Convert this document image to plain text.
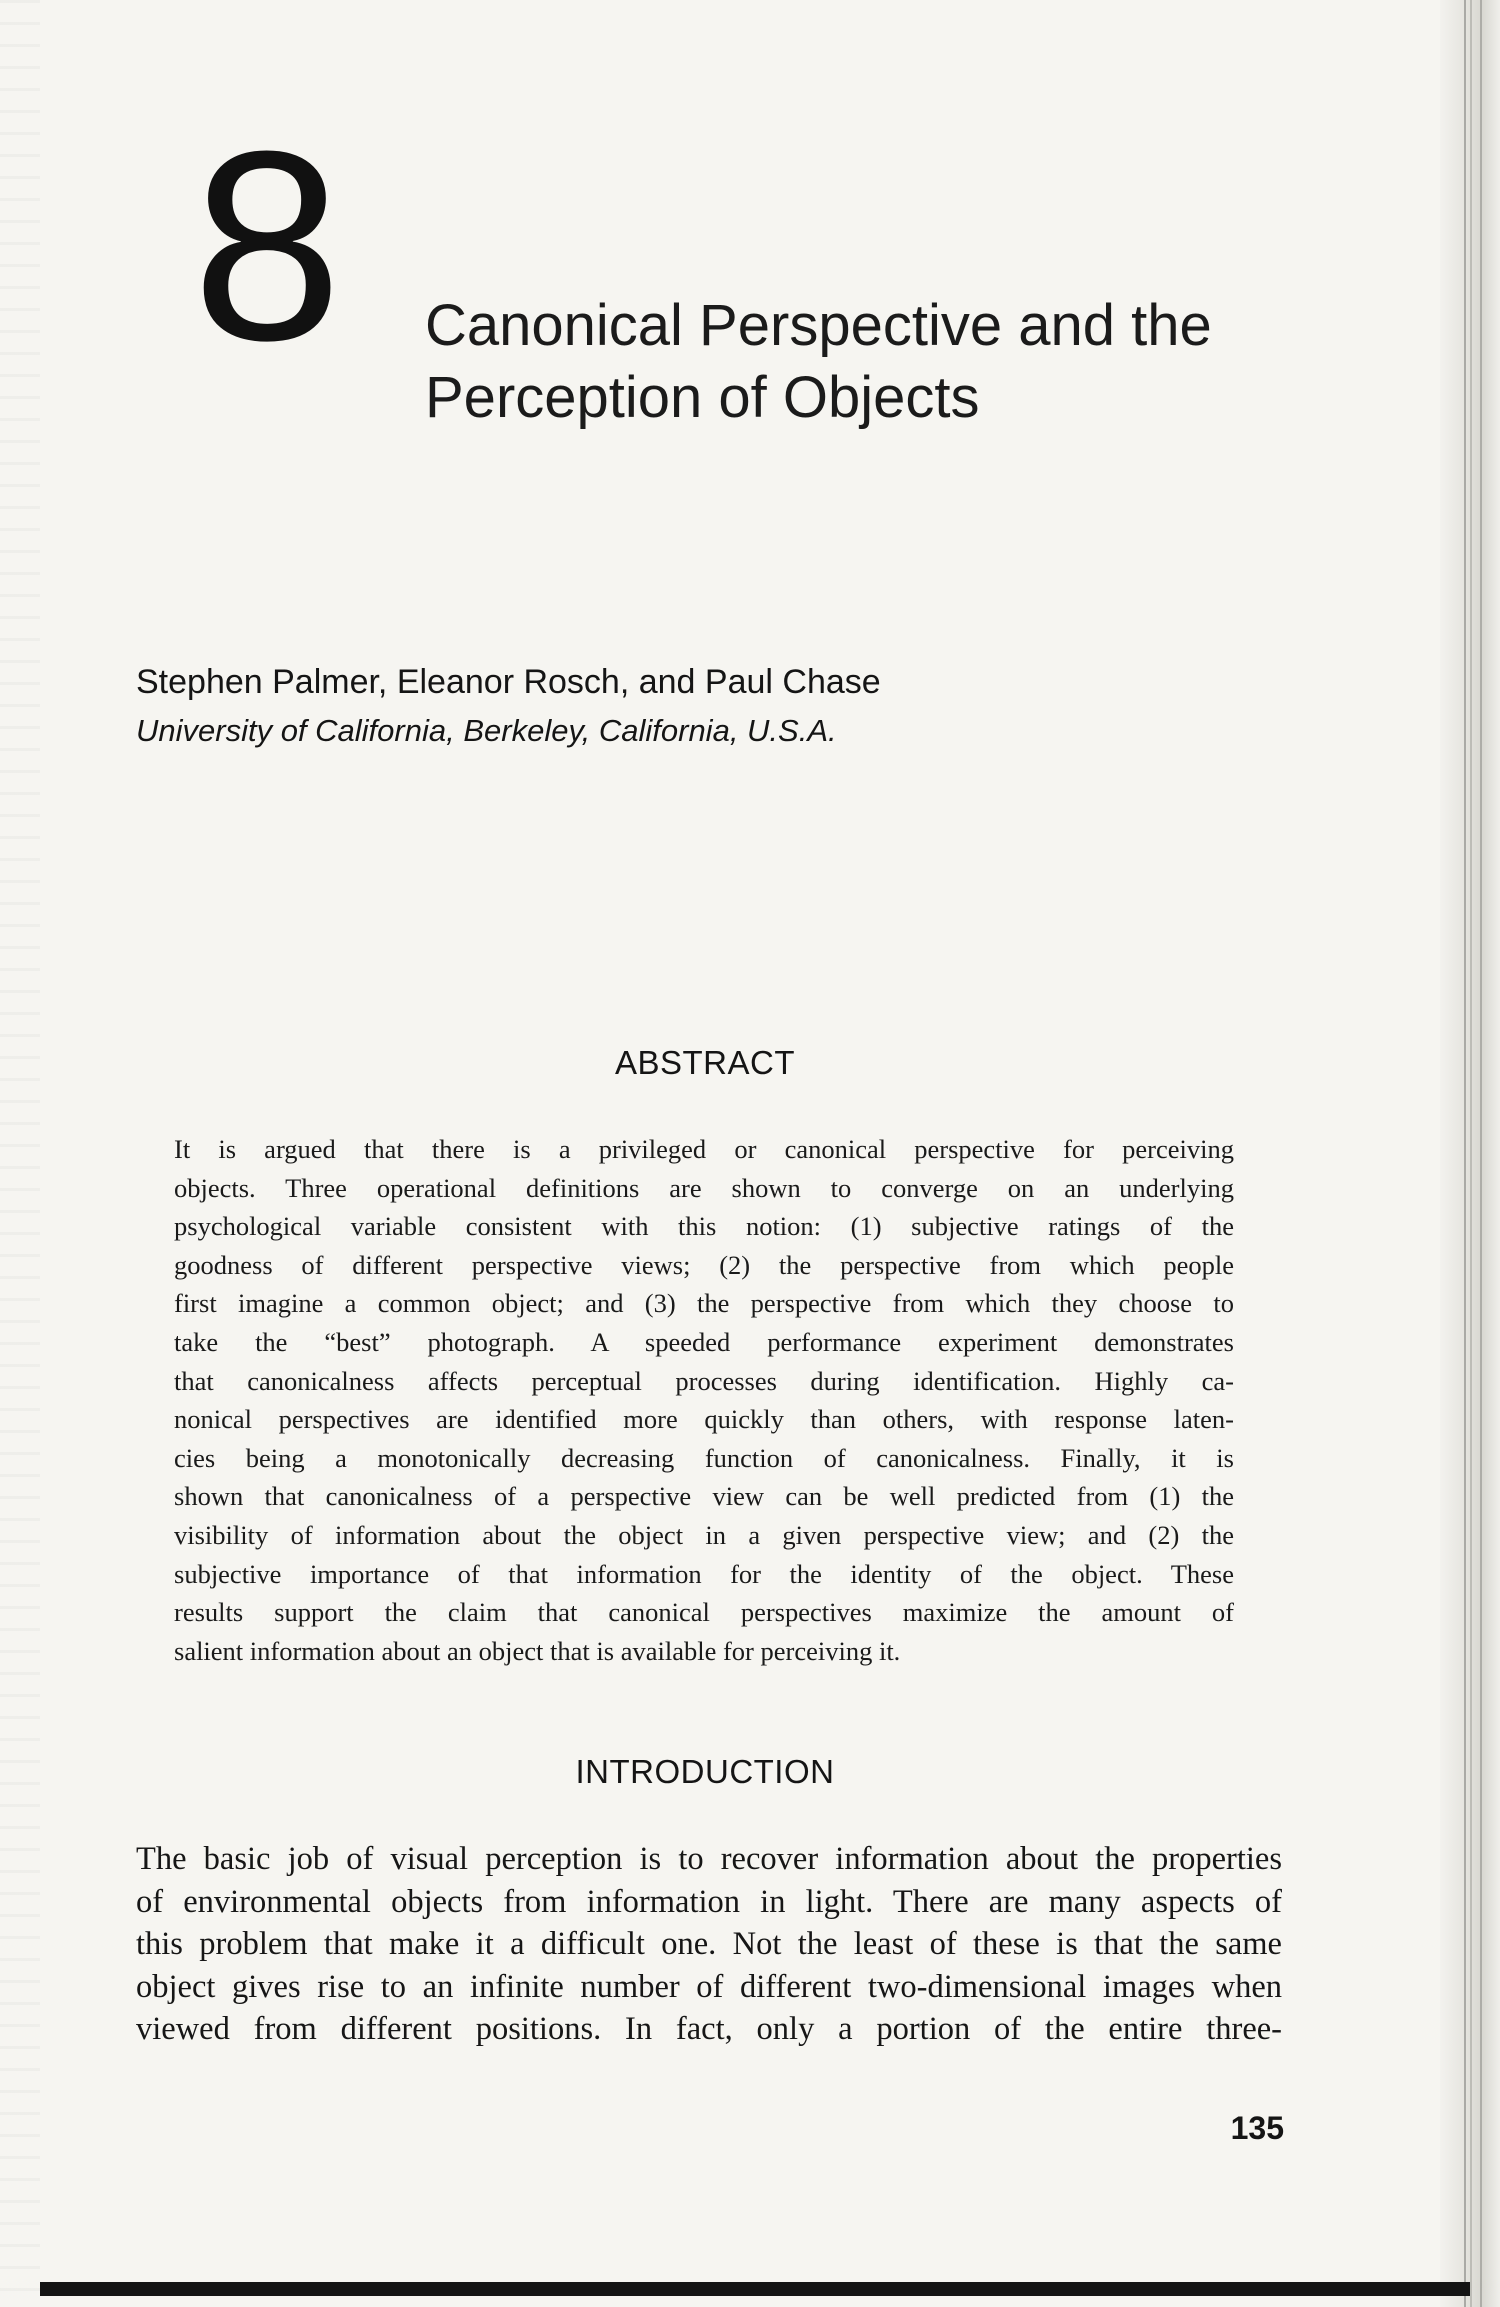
8 Canonical Perspective and the
Perception of Objects
Stephen Palmer, Eleanor Rosch, and Paul Chase
University of California, Berkeley, California, U.S.A.
ABSTRACT
It is argued that there is a privileged or canonical perspective for perceiving
objects. Three operational definitions are shown to converge on an underlying
psychological variable consistent with this notion: (1) subjective ratings of the
goodness of different perspective views; (2) the perspective from which people
first imagine a common object; and (3) the perspective from which they choose to
take the “best” photograph. A speeded performance experiment demonstrates
that canonicalness affects perceptual processes during identification. Highly ca-
nonical perspectives are identified more quickly than others, with response laten-
cies being a monotonically decreasing function of canonicalness. Finally, it is
shown that canonicalness of a perspective view can be well predicted from (1) the
visibility of information about the object in a given perspective view; and (2) the
subjective importance of that information for the identity of the object. These
results support the claim that canonical perspectives maximize the amount of
salient information about an object that is available for perceiving it.
INTRODUCTION
The basic job of visual perception is to recover information about the properties
of environmental objects from information in light. There are many aspects of
this problem that make it a difficult one. Not the least of these is that the same
object gives rise to an infinite number of different two-dimensional images when
viewed from different positions. In fact, only a portion of the entire three-
135
